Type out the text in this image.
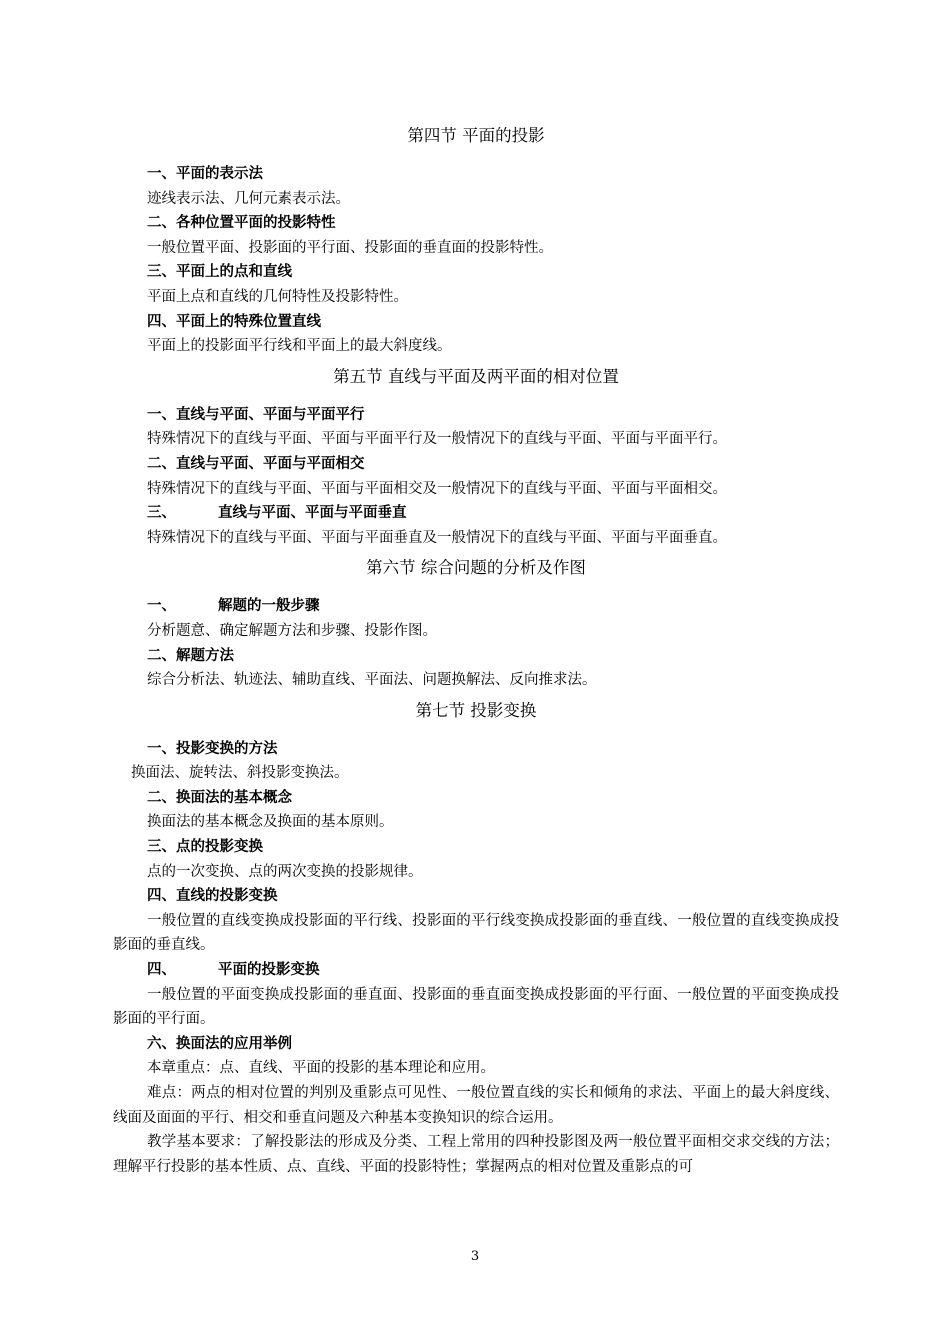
第四节 平面的投影
一、平面的表示法
迹线表示法、几何元素表示法。
二、各种位置平面的投影特性
一般位置平面、投影面的平行面、投影面的垂直面的投影特性。
三、平面上的点和直线
平面上点和直线的几何特性及投影特性。
四、平面上的特殊位置直线
平面上的投影面平行线和平面上的最大斜度线。
第五节 直线与平面及两平面的相对位置
一、直线与平面、平面与平面平行
特殊情况下的直线与平面、平面与平面平行及一般情况下的直线与平面、平面与平面平行。
二、直线与平面、平面与平面相交
特殊情况下的直线与平面、平面与平面相交及一般情况下的直线与平面、平面与平面相交。
三、	直线与平面、平面与平面垂直
特殊情况下的直线与平面、平面与平面垂直及一般情况下的直线与平面、平面与平面垂直。
第六节 综合问题的分析及作图
一、	解题的一般步骤
分析题意、确定解题方法和步骤、投影作图。
二、解题方法
综合分析法、轨迹法、辅助直线、平面法、问题换解法、反向推求法。
第七节 投影变换
一、投影变换的方法
换面法、旋转法、斜投影变换法。
二、换面法的基本概念
换面法的基本概念及换面的基本原则。
三、点的投影变换
点的一次变换、点的两次变换的投影规律。
四、直线的投影变换
一般位置的直线变换成投影面的平行线、投影面的平行线变换成投影面的垂直线、一般位置的直线变换成投影面的垂直线。
四、	平面的投影变换
一般位置的平面变换成投影面的垂直面、投影面的垂直面变换成投影面的平行面、一般位置的平面变换成投影面的平行面。
六、换面法的应用举例
本章重点：点、直线、平面的投影的基本理论和应用。
难点：两点的相对位置的判别及重影点可见性、一般位置直线的实长和倾角的求法、平面上的最大斜度线、线面及面面的平行、相交和垂直问题及六种基本变换知识的综合运用。
教学基本要求：了解投影法的形成及分类、工程上常用的四种投影图及两一般位置平面相交求交线的方法；理解平行投影的基本性质、点、直线、平面的投影特性；掌握两点的相对位置及重影点的可
3
